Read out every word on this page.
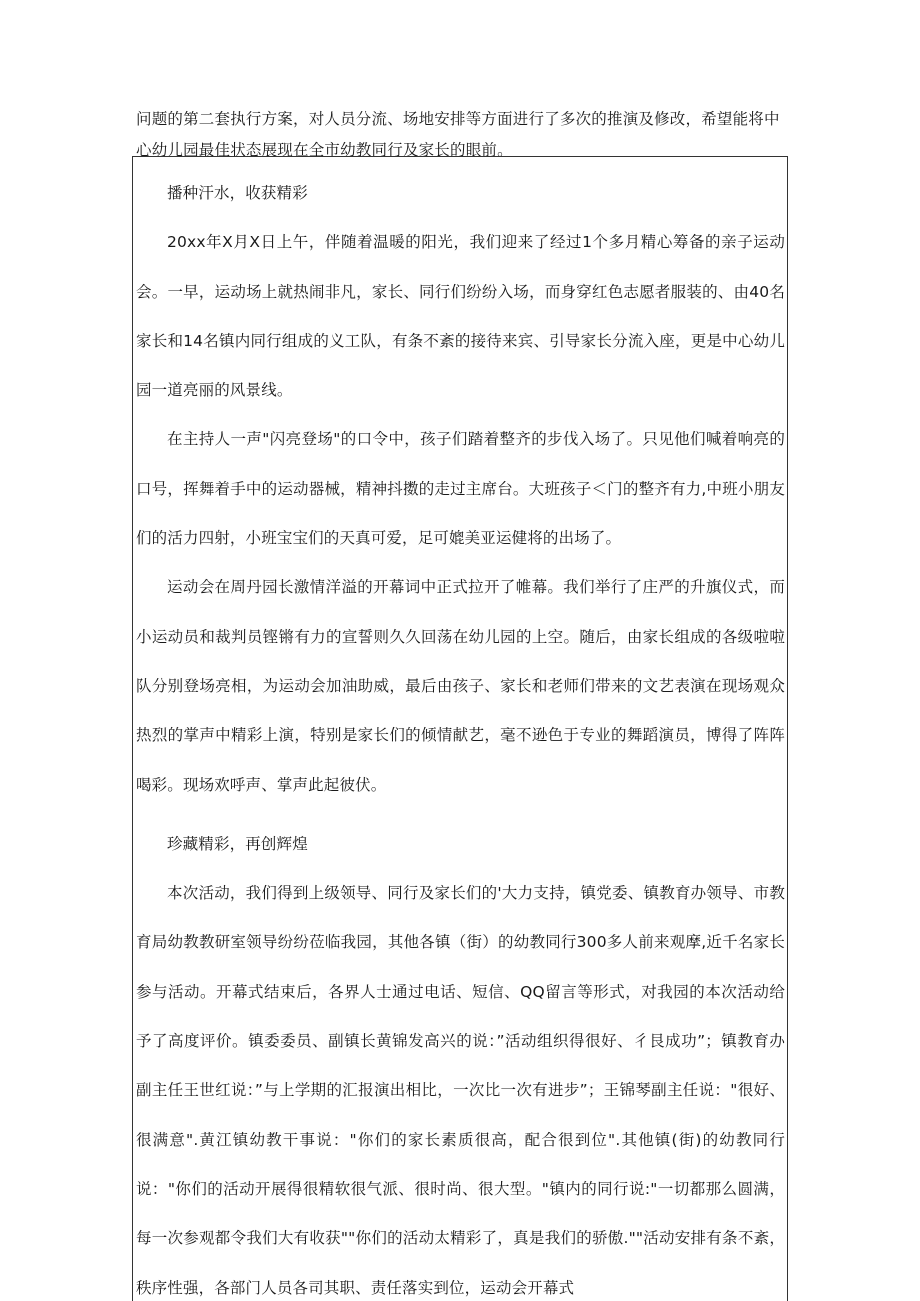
问题的第二套执行方案，对人员分流、场地安排等方面进行了多次的推演及修改，希望能将中心幼儿园最佳状态展现在全市幼教同行及家长的眼前。

播种汗水，收获精彩

20xx年X月X日上午，伴随着温暖的阳光，我们迎来了经过1个多月精心筹备的亲子运动会。一早，运动场上就热闹非凡，家长、同行们纷纷入场，而身穿红色志愿者服装的、由40名家长和14名镇内同行组成的义工队，有条不紊的接待来宾、引导家长分流入座，更是中心幼儿园一道亮丽的风景线。

在主持人一声"闪亮登场"的口令中，孩子们踏着整齐的步伐入场了。只见他们喊着响亮的口号，挥舞着手中的运动器械，精神抖擞的走过主席台。大班孩子＜门的整齐有力,中班小朋友们的活力四射，小班宝宝们的天真可爱，足可媲美亚运健将的出场了。

运动会在周丹园长激情洋溢的开幕词中正式拉开了帷幕。我们举行了庄严的升旗仪式，而小运动员和裁判员铿锵有力的宣誓则久久回荡在幼儿园的上空。随后，由家长组成的各级啦啦队分别登场亮相，为运动会加油助威，最后由孩子、家长和老师们带来的文艺表演在现场观众热烈的掌声中精彩上演，特别是家长们的倾情献艺，毫不逊色于专业的舞蹈演员，博得了阵阵喝彩。现场欢呼声、掌声此起彼伏。

珍藏精彩，再创辉煌

本次活动，我们得到上级领导、同行及家长们的'大力支持，镇党委、镇教育办领导、市教育局幼教教研室领导纷纷莅临我园，其他各镇（街）的幼教同行300多人前来观摩,近千名家长参与活动。开幕式结束后，各界人士通过电话、短信、QQ留言等形式，对我园的本次活动给予了高度评价。镇委委员、副镇长黄锦发高兴的说：”活动组织得很好、彳艮成功”；镇教育办副主任王世红说：”与上学期的汇报演出相比，一次比一次有进步”；王锦琴副主任说："很好、很满意".黄江镇幼教干事说："你们的家长素质很高，配合很到位".其他镇(街)的幼教同行说："你们的活动开展得很精软很气派、很时尚、很大型。"镇内的同行说:"一切都那么圆满，每一次参观都令我们大有收获""你们的活动太精彩了，真是我们的骄傲.""活动安排有条不紊，秩序性强，各部门人员各司其职、责任落实到位，运动会开幕式
